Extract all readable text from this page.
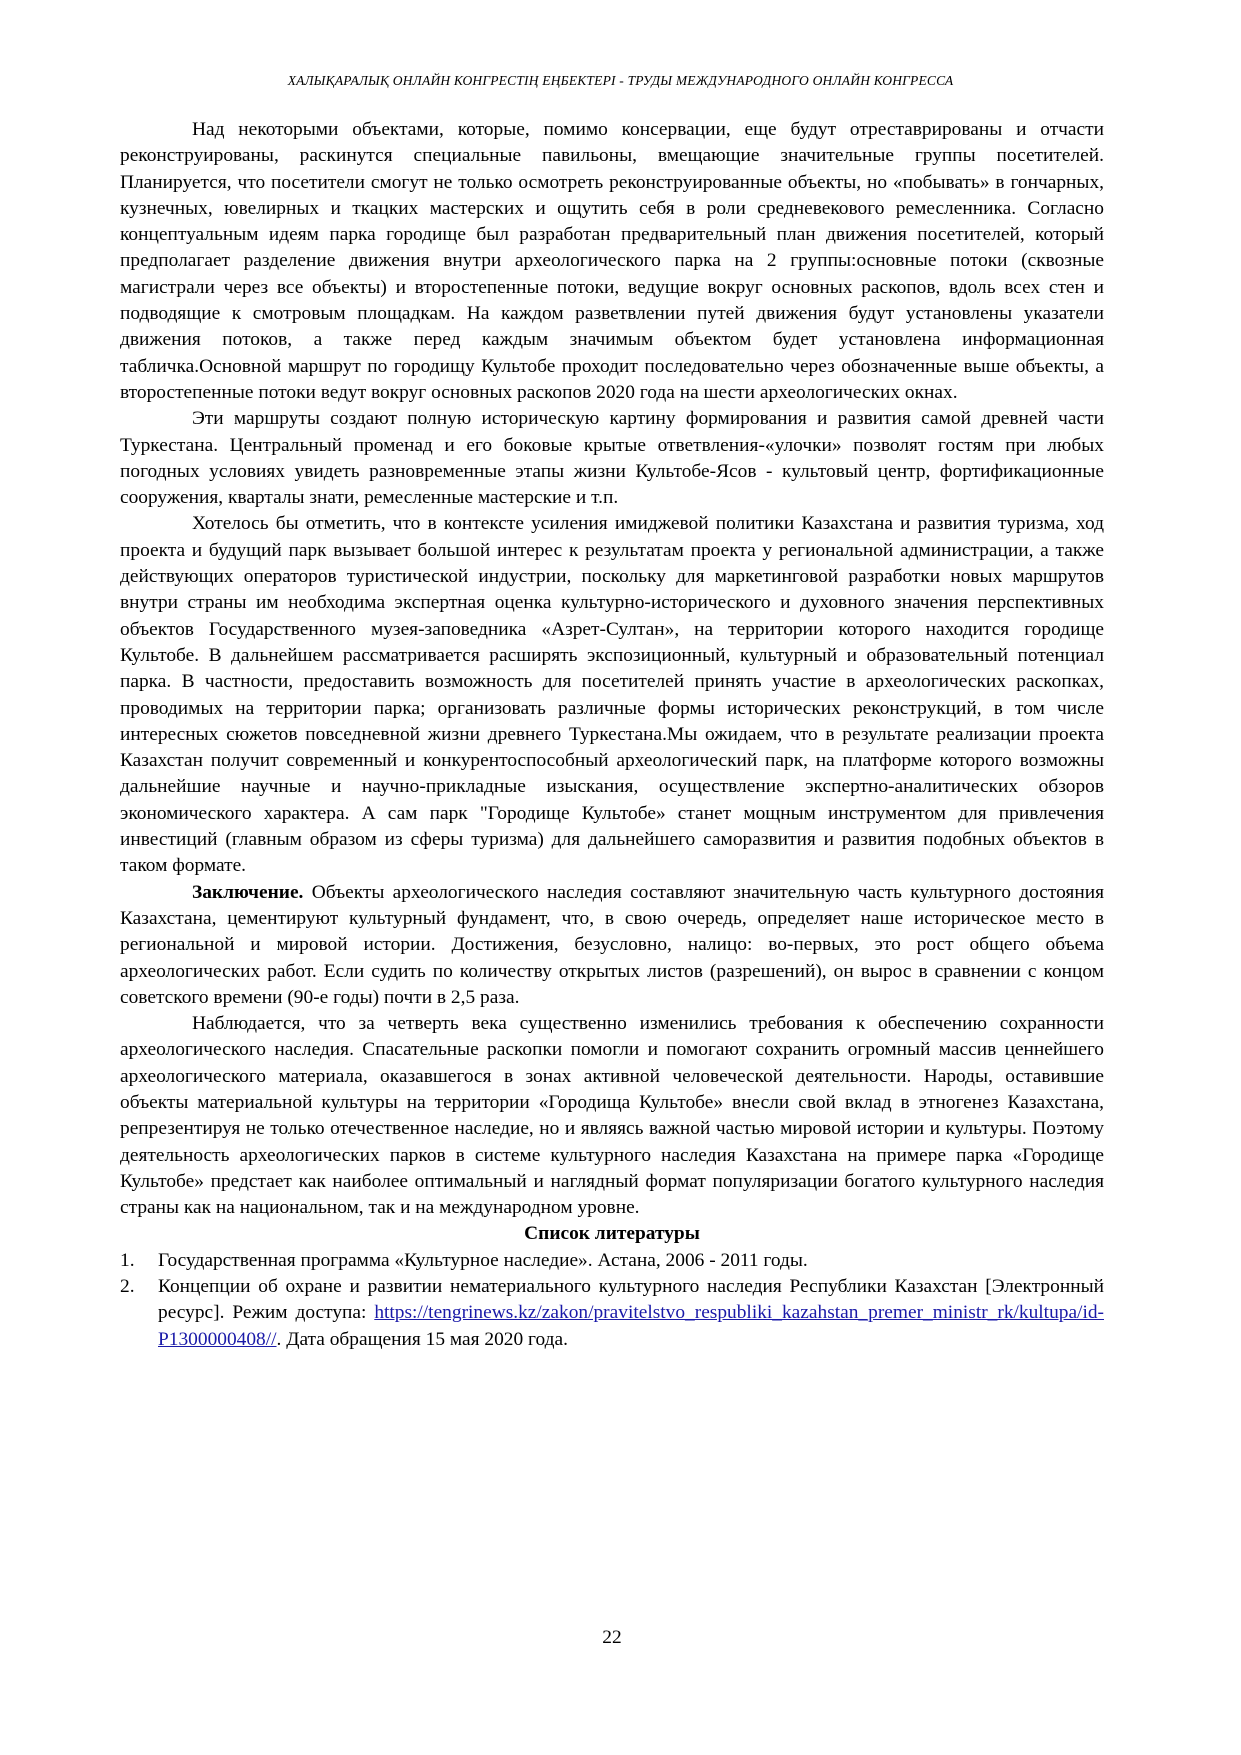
ХАЛЫҚАРАЛЫҚ ОНЛАЙН КОНГРЕСТІҢ ЕҢБЕКТЕРІ - ТРУДЫ МЕЖДУНАРОДНОГО ОНЛАЙН КОНГРЕССА

Над некоторыми объектами, которые, помимо консервации, еще будут отреставрированы и отчасти реконструированы, раскинутся специальные павильоны, вмещающие значительные группы посетителей. Планируется, что посетители смогут не только осмотреть реконструированные объекты, но «побывать» в гончарных, кузнечных, ювелирных и ткацких мастерских и ощутить себя в роли средневекового ремесленника. Согласно концептуальным идеям парка городище был разработан предварительный план движения посетителей, который предполагает разделение движения внутри археологического парка на 2 группы:основные потоки (сквозные магистрали через все объекты) и второстепенные потоки, ведущие вокруг основных раскопов, вдоль всех стен и подводящие к смотровым площадкам. На каждом разветвлении путей движения будут установлены указатели движения потоков, а также перед каждым значимым объектом будет установлена информационная табличка.Основной маршрут по городищу Культобе проходит последовательно через обозначенные выше объекты, а второстепенные потоки ведут вокруг основных раскопов 2020 года на шести археологических окнах.

Эти маршруты создают полную историческую картину формирования и развития самой древней части Туркестана. Центральный променад и его боковые крытые ответвления-«улочки» позволят гостям при любых погодных условиях увидеть разновременные этапы жизни Культобе-Ясов - культовый центр, фортификационные сооружения, кварталы знати, ремесленные мастерские и т.п.

Хотелось бы отметить, что в контексте усиления имиджевой политики Казахстана и развития туризма, ход проекта и будущий парк вызывает большой интерес к результатам проекта у региональной администрации, а также действующих операторов туристической индустрии, поскольку для маркетинговой разработки новых маршрутов внутри страны им необходима экспертная оценка культурно-исторического и духовного значения перспективных объектов Государственного музея-заповедника «Азрет-Султан», на территории которого находится городище Культобе. В дальнейшем рассматривается расширять экспозиционный, культурный и образовательный потенциал парка. В частности, предоставить возможность для посетителей принять участие в археологических раскопках, проводимых на территории парка; организовать различные формы исторических реконструкций, в том числе интересных сюжетов повседневной жизни древнего Туркестана.Мы ожидаем, что в результате реализации проекта Казахстан получит современный и конкурентоспособный археологический парк, на платформе которого возможны дальнейшие научные и научно-прикладные изыскания, осуществление экспертно-аналитических обзоров экономического характера. А сам парк "Городище Культобе» станет мощным инструментом для привлечения инвестиций (главным образом из сферы туризма) для дальнейшего саморазвития и развития подобных объектов в таком формате.

Заключение. Объекты археологического наследия составляют значительную часть культурного достояния Казахстана, цементируют культурный фундамент, что, в свою очередь, определяет наше историческое место в региональной и мировой истории. Достижения, безусловно, налицо: во-первых, это рост общего объема археологических работ. Если судить по количеству открытых листов (разрешений), он вырос в сравнении с концом советского времени (90-е годы) почти в 2,5 раза.

Наблюдается, что за четверть века существенно изменились требования к обеспечению сохранности археологического наследия. Спасательные раскопки помогли и помогают сохранить огромный массив ценнейшего археологического материала, оказавшегося в зонах активной человеческой деятельности. Народы, оставившие объекты материальной культуры на территории «Городища Культобе» внесли свой вклад в этногенез Казахстана, репрезентируя не только отечественное наследие, но и являясь важной частью мировой истории и культуры. Поэтому деятельность археологических парков в системе культурного наследия Казахстана на примере парка «Городище Культобе» предстает как наиболее оптимальный и наглядный формат популяризации богатого культурного наследия страны как на национальном, так и на международном уровне.

Список литературы
1. Государственная программа «Культурное наследие». Астана, 2006 - 2011 годы.
2. Концепции об охране и развитии нематериального культурного наследия Республики Казахстан [Электронный ресурс]. Режим доступа: https://tengrinews.kz/zakon/pravitelstvo_respubliki_kazahstan_premer_ministr_rk/kultupa/id-P1300000408//. Дата обращения 15 мая 2020 года.
22
